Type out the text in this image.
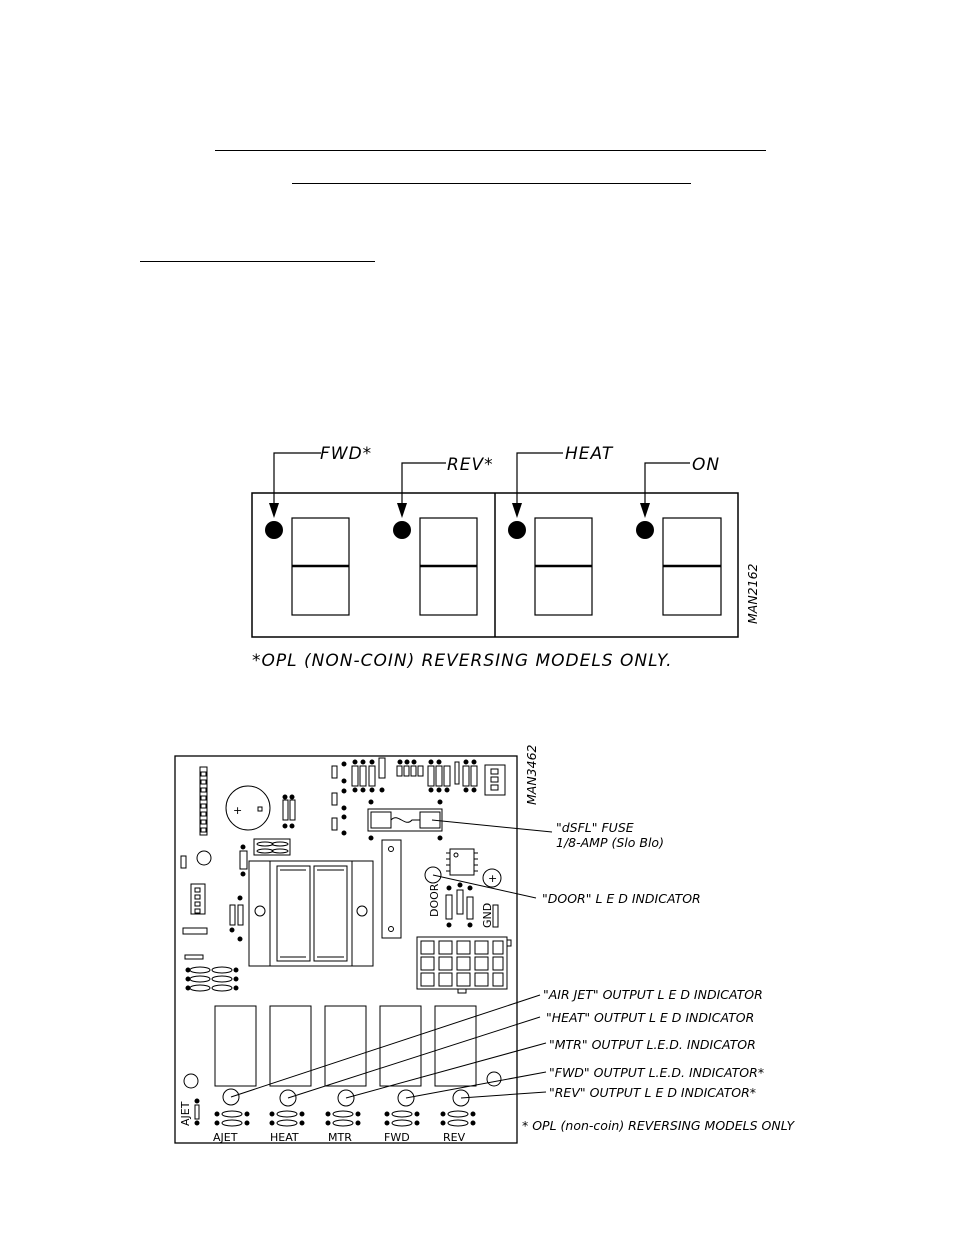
FWD*
REV*
HEAT
ON
MAN2162
*OPL (NON-COIN) REVERSING MODELS ONLY.
+
+
DOOR	GND
AJET
AJET	HEAT	MTR	FWD	REV
MAN3462
"dSFL" FUSE
1/8-AMP (Slo Blo)
"DOOR" L E D INDICATOR
"AIR JET" OUTPUT L E D INDICATOR
"HEAT" OUTPUT L E D INDICATOR
"MTR" OUTPUT L.E.D. INDICATOR
"FWD" OUTPUT L.E.D. INDICATOR*
"REV" OUTPUT L E D INDICATOR*
* OPL (non-coin) REVERSING MODELS ONLY
